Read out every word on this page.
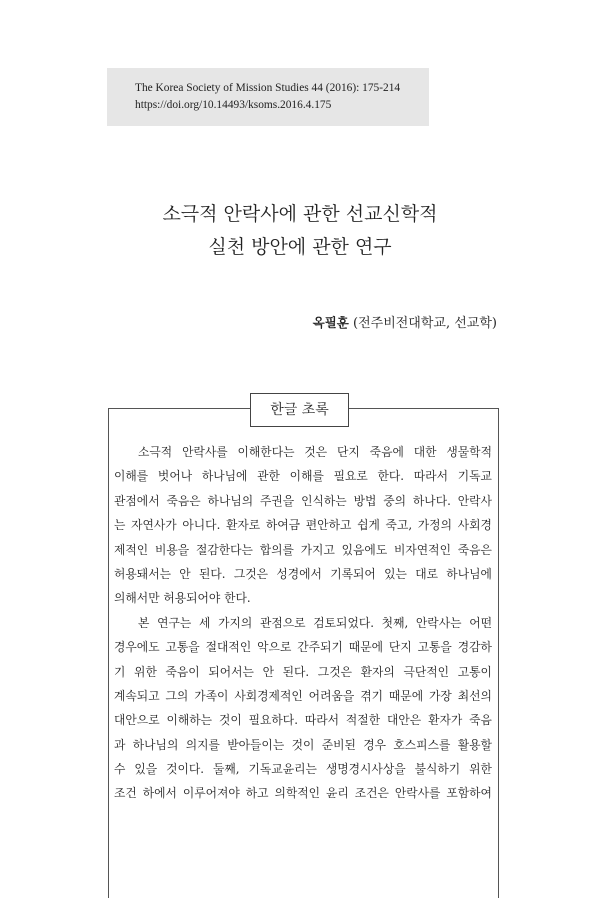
The Korea Society of Mission Studies 44 (2016): 175-214
https://doi.org/10.14493/ksoms.2016.4.175
소극적 안락사에 관한 선교신학적
실천 방안에 관한 연구
옥필훈 (전주비전대학교, 선교학)
한글 초록
소극적 안락사를 이해한다는 것은 단지 죽음에 대한 생물학적
이해를 벗어나 하나님에 관한 이해를 필요로 한다. 따라서 기독교
관점에서 죽음은 하나님의 주권을 인식하는 방법 중의 하나다. 안락사
는 자연사가 아니다. 환자로 하여금 편안하고 쉽게 죽고, 가정의 사회경
제적인 비용을 절감한다는 합의를 가지고 있음에도 비자연적인 죽음은
허용돼서는 안 된다. 그것은 성경에서 기록되어 있는 대로 하나님에
의해서만 허용되어야 한다.
본 연구는 세 가지의 관점으로 검토되었다. 첫째, 안락사는 어떤
경우에도 고통을 절대적인 악으로 간주되기 때문에 단지 고통을 경감하
기 위한 죽음이 되어서는 안 된다. 그것은 환자의 극단적인 고통이
계속되고 그의 가족이 사회경제적인 어려움을 겪기 때문에 가장 최선의
대안으로 이해하는 것이 필요하다. 따라서 적절한 대안은 환자가 죽음
과 하나님의 의지를 받아들이는 것이 준비된 경우 호스피스를 활용할
수 있을 것이다. 둘째, 기독교윤리는 생명경시사상을 불식하기 위한
조건 하에서 이루어져야 하고 의학적인 윤리 조건은 안락사를 포함하여
